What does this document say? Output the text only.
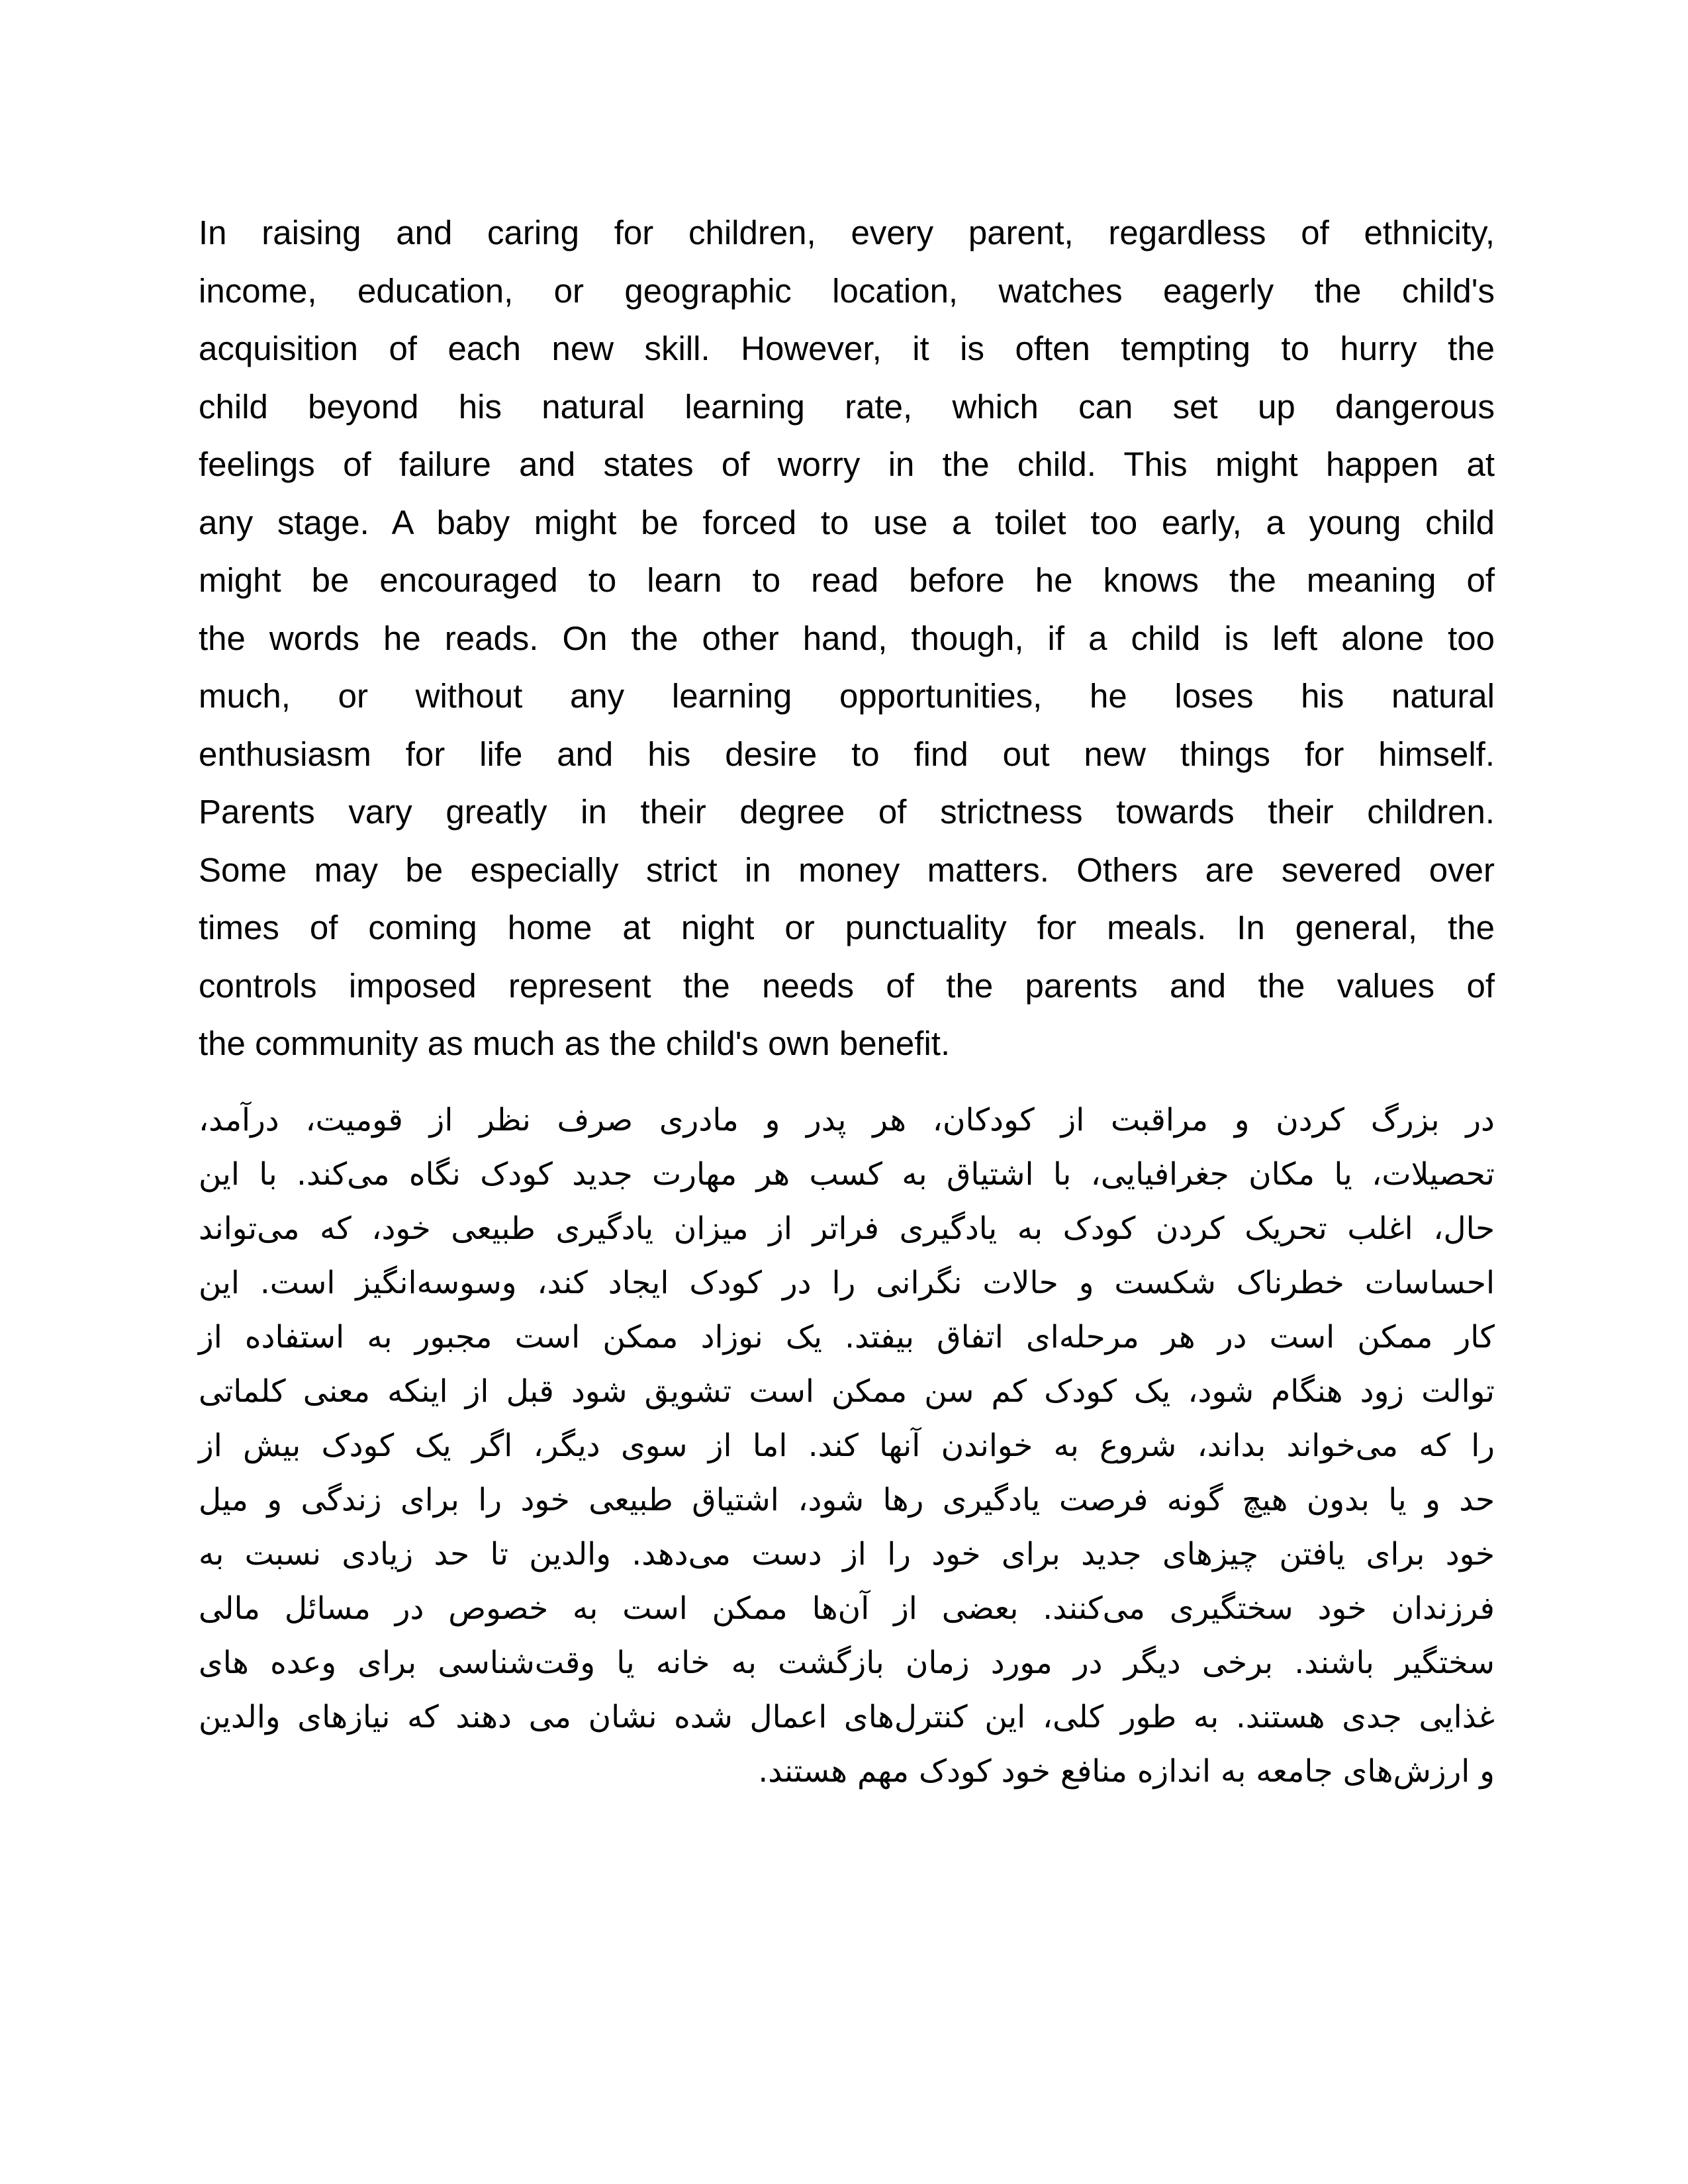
In raising and caring for children, every parent, regardless of ethnicity,
income, education, or geographic location, watches eagerly the child's
acquisition of each new skill. However, it is often tempting to hurry the
child beyond his natural learning rate, which can set up dangerous
feelings of failure and states of worry in the child. This might happen at
any stage. A baby might be forced to use a toilet too early, a young child
might be encouraged to learn to read before he knows the meaning of
the words he reads. On the other hand, though, if a child is left alone too
much, or without any learning opportunities, he loses his natural
enthusiasm for life and his desire to find out new things for himself.
Parents vary greatly in their degree of strictness towards their children.
Some may be especially strict in money matters. Others are severed over
times of coming home at night or punctuality for meals. In general, the
controls imposed represent the needs of the parents and the values of
the community as much as the child's own benefit.
در بزرگ کردن و مراقبت از کودکان، هر پدر و مادری صرف نظر از قومیت، درآمد،
تحصیلات، یا مکان جغرافیایی، با اشتیاق به کسب هر مهارت جدید کودک نگاه می‌کند. با این
حال، اغلب تحریک کردن کودک به یادگیری فراتر از میزان یادگیری طبیعی خود، که می‌تواند
احساسات خطرناک شکست و حالات نگرانی را در کودک ایجاد کند، وسوسه‌انگیز است. این
کار ممکن است در هر مرحله‌ای اتفاق بیفتد. یک نوزاد ممکن است مجبور به استفاده از
توالت زود هنگام شود، یک کودک کم سن ممکن است تشویق شود قبل از اینکه معنی کلماتی
را که می‌خواند بداند، شروع به خواندن آنها کند. اما از سوی دیگر، اگر یک کودک بیش از
حد و یا بدون هیچ گونه فرصت یادگیری رها شود، اشتیاق طبیعی خود را برای زندگی و میل
خود برای یافتن چیزهای جدید برای خود را از دست می‌دهد. والدین تا حد زیادی نسبت به
فرزندان خود سختگیری می‌کنند. بعضی از آن‌ها ممکن است به خصوص در مسائل مالی
سختگیر باشند. برخی دیگر در مورد زمان بازگشت به خانه یا وقت‌شناسی برای وعده های
غذایی جدی هستند. به طور کلی، این کنترل‌های اعمال شده نشان می دهند که نیازهای والدین
و ارزش‌های جامعه به اندازه منافع خود کودک مهم هستند.
